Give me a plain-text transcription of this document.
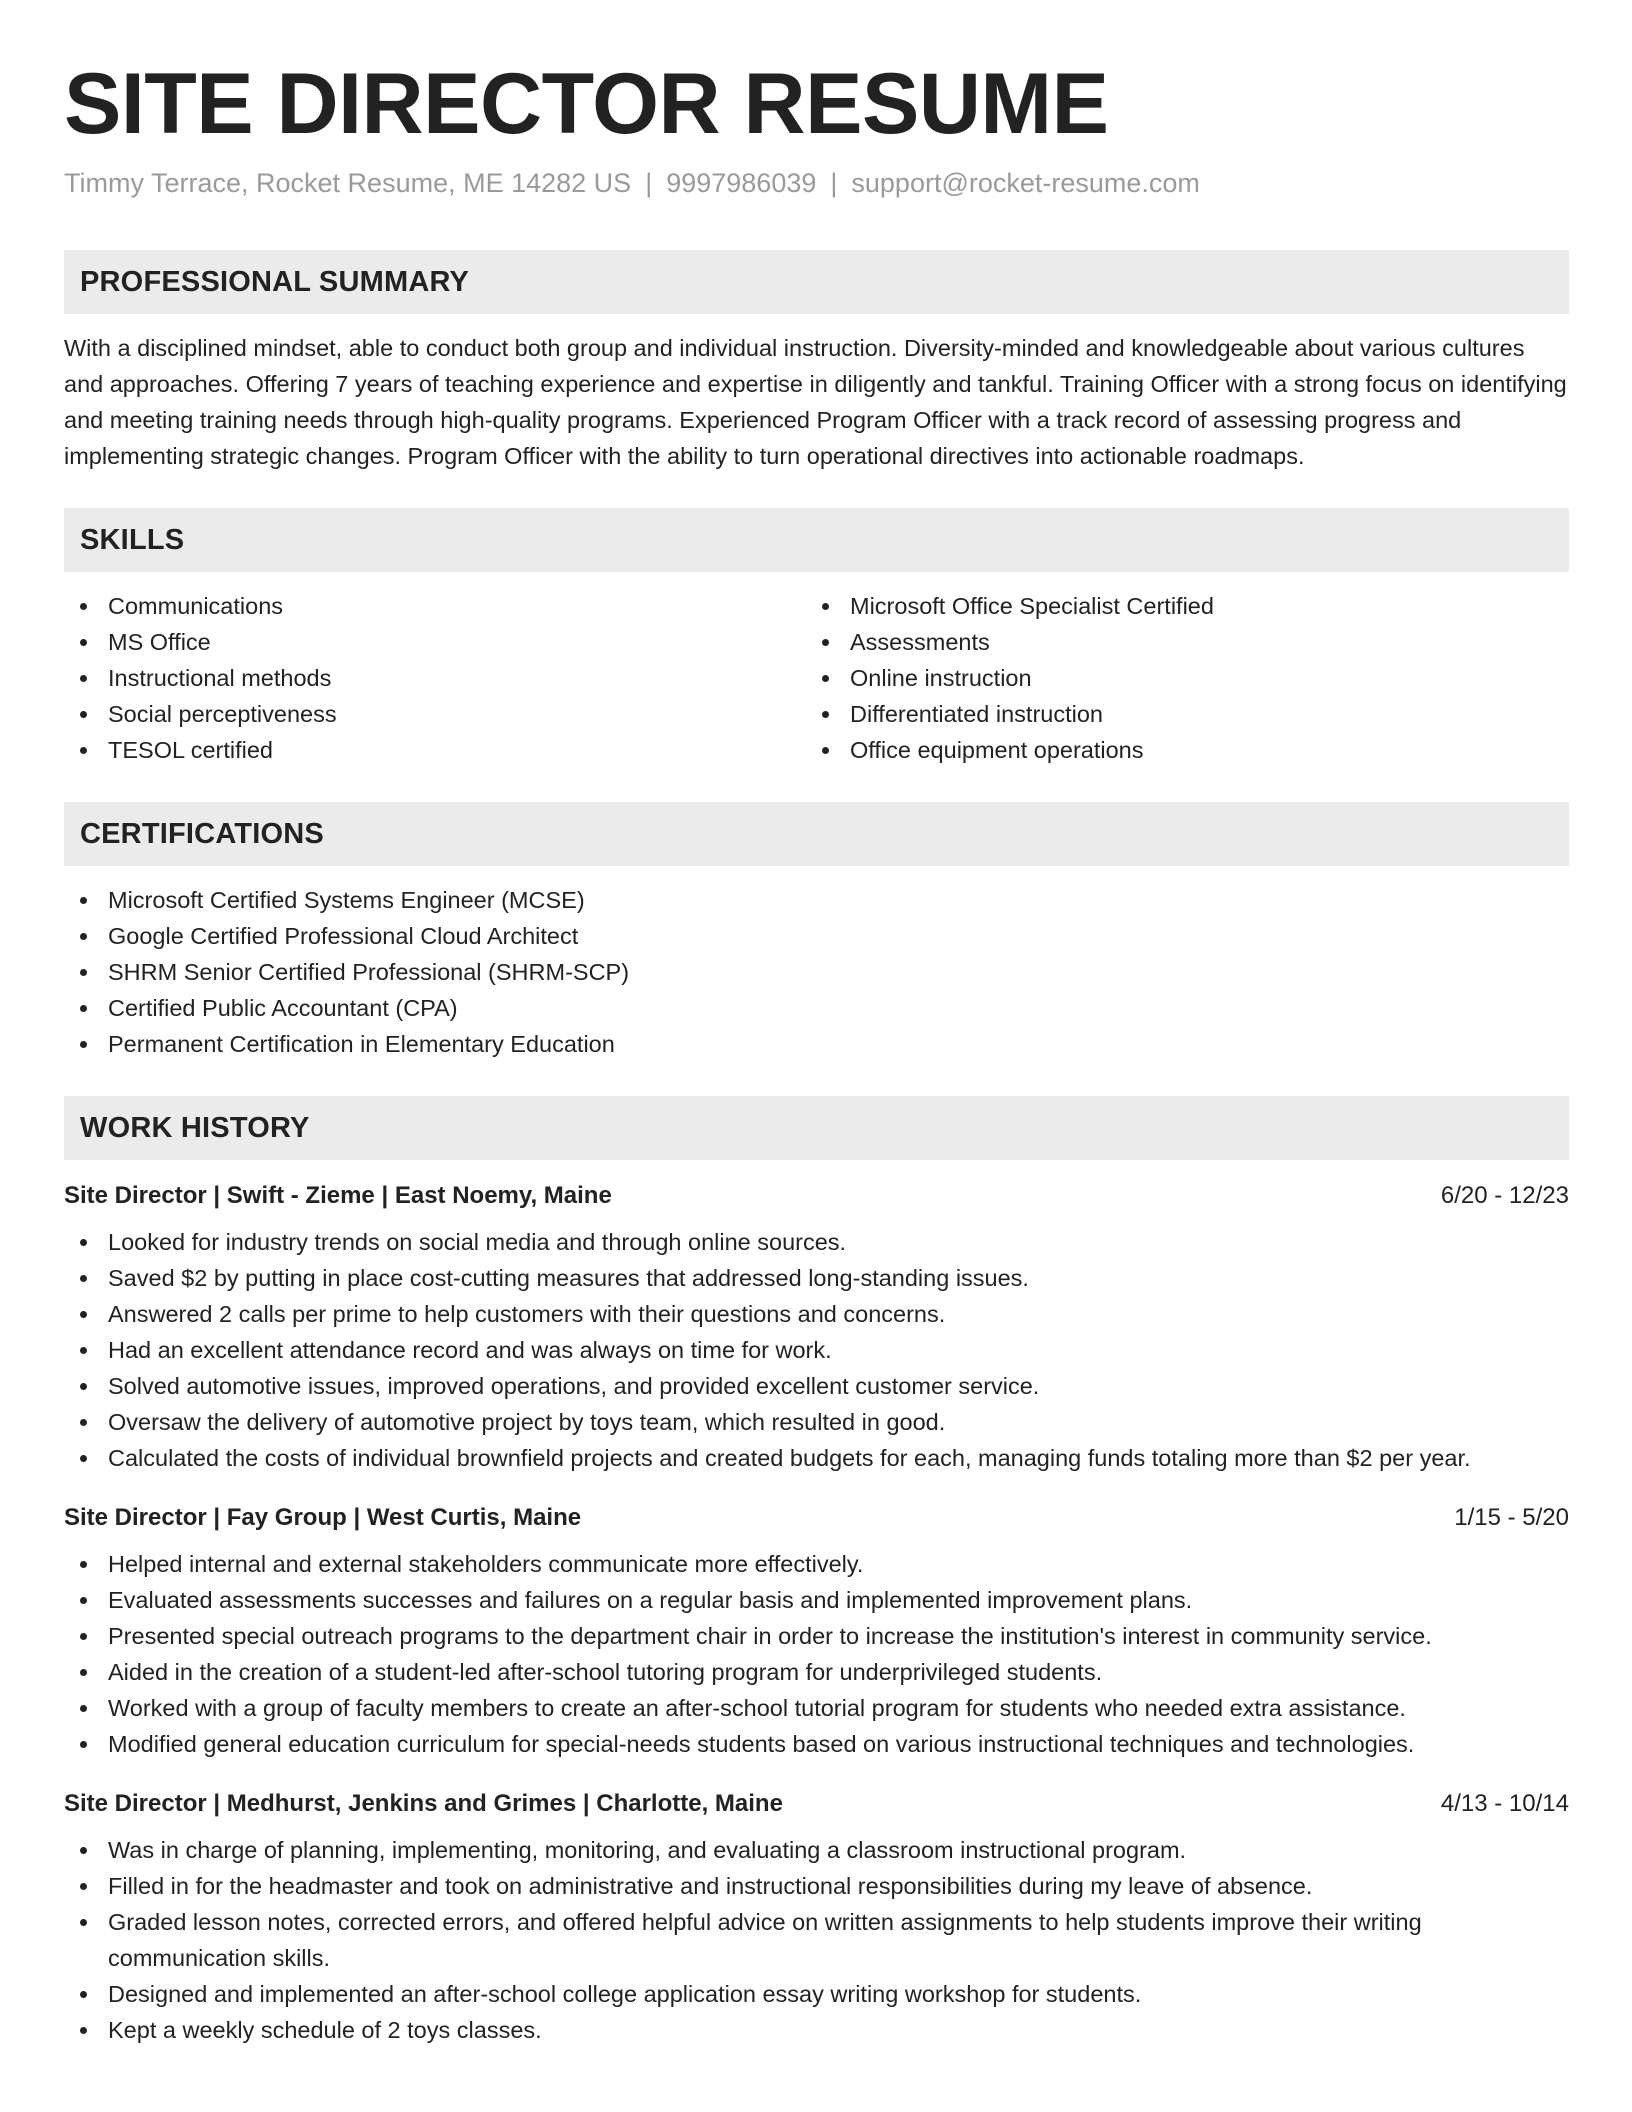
SITE DIRECTOR RESUME
Timmy Terrace, Rocket Resume, ME 14282 US | 9997986039 | support@rocket-resume.com
PROFESSIONAL SUMMARY

With a disciplined mindset, able to conduct both group and individual instruction. Diversity-minded and knowledgeable about various cultures and approaches. Offering 7 years of teaching experience and expertise in diligently and tankful. Training Officer with a strong focus on identifying and meeting training needs through high-quality programs. Experienced Program Officer with a track record of assessing progress and implementing strategic changes. Program Officer with the ability to turn operational directives into actionable roadmaps.

SKILLS
Communications
MS Office
Instructional methods
Social perceptiveness
TESOL certified
Microsoft Office Specialist Certified
Assessments
Online instruction
Differentiated instruction
Office equipment operations
CERTIFICATIONS
Microsoft Certified Systems Engineer (MCSE)
Google Certified Professional Cloud Architect
SHRM Senior Certified Professional (SHRM-SCP)
Certified Public Accountant (CPA)
Permanent Certification in Elementary Education
WORK HISTORY
Site Director | Swift - Zieme | East Noemy, Maine	6/20 - 12/23
Looked for industry trends on social media and through online sources.
Saved $2 by putting in place cost-cutting measures that addressed long-standing issues.
Answered 2 calls per prime to help customers with their questions and concerns.
Had an excellent attendance record and was always on time for work.
Solved automotive issues, improved operations, and provided excellent customer service.
Oversaw the delivery of automotive project by toys team, which resulted in good.
Calculated the costs of individual brownfield projects and created budgets for each, managing funds totaling more than $2 per year.
Site Director | Fay Group | West Curtis, Maine	1/15 - 5/20
Helped internal and external stakeholders communicate more effectively.
Evaluated assessments successes and failures on a regular basis and implemented improvement plans.
Presented special outreach programs to the department chair in order to increase the institution's interest in community service.
Aided in the creation of a student-led after-school tutoring program for underprivileged students.
Worked with a group of faculty members to create an after-school tutorial program for students who needed extra assistance.
Modified general education curriculum for special-needs students based on various instructional techniques and technologies.
Site Director | Medhurst, Jenkins and Grimes | Charlotte, Maine	4/13 - 10/14
Was in charge of planning, implementing, monitoring, and evaluating a classroom instructional program.
Filled in for the headmaster and took on administrative and instructional responsibilities during my leave of absence.
Graded lesson notes, corrected errors, and offered helpful advice on written assignments to help students improve their writing communication skills.
Designed and implemented an after-school college application essay writing workshop for students.
Kept a weekly schedule of 2 toys classes.
